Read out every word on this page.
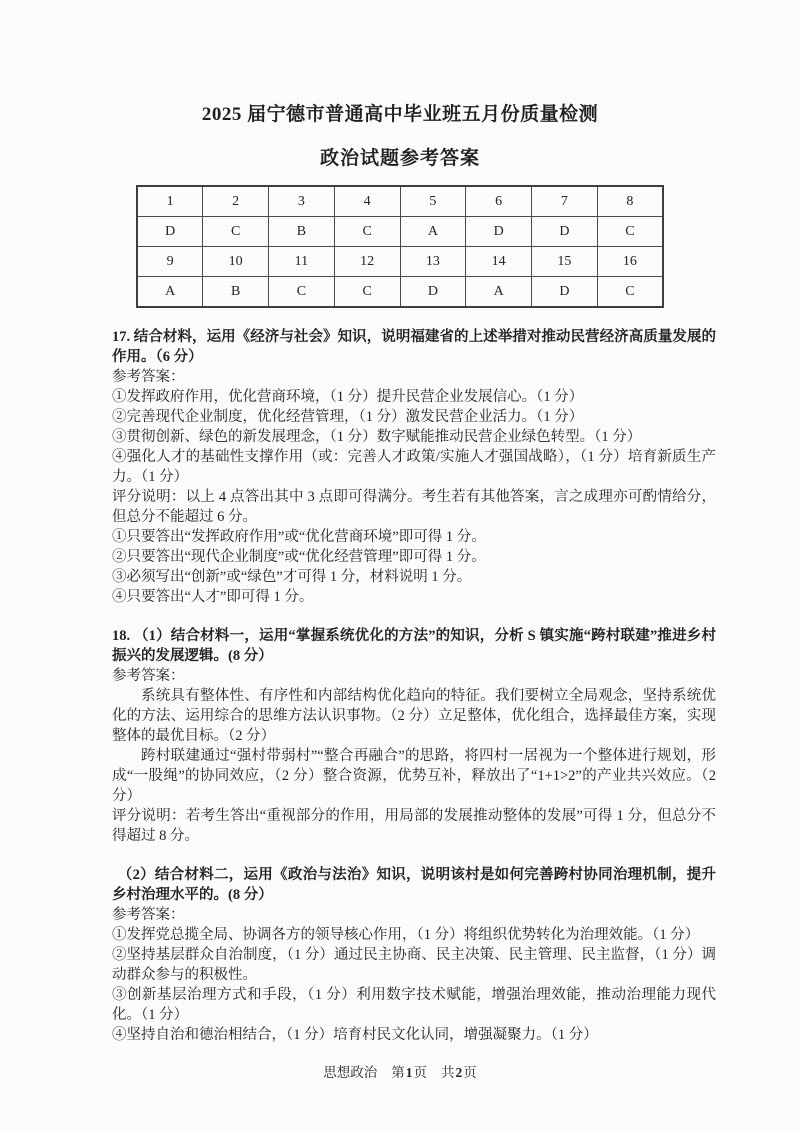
2025 届宁德市普通高中毕业班五月份质量检测
政治试题参考答案
1	2	3	4	5	6	7	8
D	C	B	C	A	D	D	C
9	10	11	12	13	14	15	16
A	B	C	C	D	A	D	C

17. 结合材料，运用《经济与社会》知识，说明福建省的上述举措对推动民营经济高质量发展的作用。（6 分）

参考答案：

①发挥政府作用，优化营商环境，（1 分）提升民营企业发展信心。（1 分）

②完善现代企业制度，优化经营管理，（1 分）激发民营企业活力。（1 分）

③贯彻创新、绿色的新发展理念，（1 分）数字赋能推动民营企业绿色转型。（1 分）

④强化人才的基础性支撑作用（或：完善人才政策/实施人才强国战略），（1 分）培育新质生产力。（1 分）

评分说明：以上 4 点答出其中 3 点即可得满分。考生若有其他答案，言之成理亦可酌情给分，但总分不能超过 6 分。

①只要答出“发挥政府作用”或“优化营商环境”即可得 1 分。

②只要答出“现代企业制度”或“优化经营管理”即可得 1 分。

③必须写出“创新”或“绿色”才可得 1 分，材料说明 1 分。

④只要答出“人才”即可得 1 分。

18. （1）结合材料一，运用“掌握系统优化的方法”的知识，分析 S 镇实施“跨村联建”推进乡村振兴的发展逻辑。(8 分）

参考答案：

系统具有整体性、有序性和内部结构优化趋向的特征。我们要树立全局观念，坚持系统优化的方法、运用综合的思维方法认识事物。（2 分）立足整体，优化组合，选择最佳方案，实现整体的最优目标。（2 分）

跨村联建通过“强村带弱村”“整合再融合”的思路，将四村一居视为一个整体进行规划，形成“一股绳”的协同效应，（2 分）整合资源，优势互补，释放出了“1+1>2”的产业共兴效应。（2 分）

评分说明：若考生答出“重视部分的作用，用局部的发展推动整体的发展”可得 1 分，但总分不得超过 8 分。

（2）结合材料二，运用《政治与法治》知识，说明该村是如何完善跨村协同治理机制，提升乡村治理水平的。(8 分）

参考答案：

①发挥党总揽全局、协调各方的领导核心作用，（1 分）将组织优势转化为治理效能。（1 分）

②坚持基层群众自治制度，（1 分）通过民主协商、民主决策、民主管理、民主监督，（1 分）调动群众参与的积极性。

③创新基层治理方式和手段，（1 分）利用数字技术赋能，增强治理效能，推动治理能力现代化。（1 分）

④坚持自治和德治相结合，（1 分）培育村民文化认同，增强凝聚力。（1 分）

思想政治 第1页 共2页
